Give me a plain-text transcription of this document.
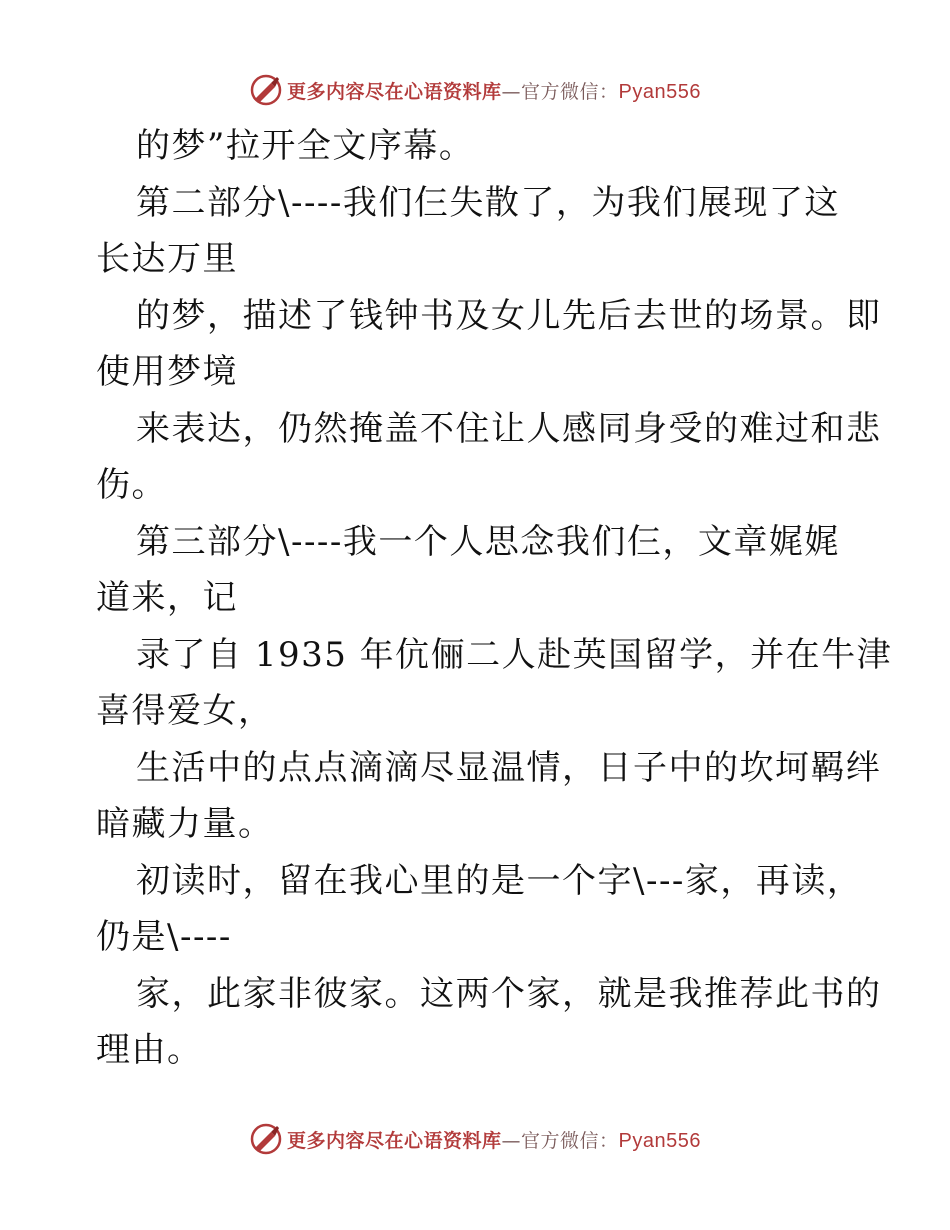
更多内容尽在心语资料库—官方微信：Pyan556
的梦”拉开全文序幕。
第二部分\----我们仨失散了，为我们展现了这
长达万里
的梦，描述了钱钟书及女儿先后去世的场景。即
使用梦境
来表达，仍然掩盖不住让人感同身受的难过和悲
伤。
第三部分\----我一个人思念我们仨，文章娓娓
道来，记
录了自 1935 年伉俪二人赴英国留学，并在牛津
喜得爱女，
生活中的点点滴滴尽显温情，日子中的坎坷羁绊
暗藏力量。
初读时，留在我心里的是一个字\---家，再读，
仍是\----
家，此家非彼家。这两个家，就是我推荐此书的
理由。
更多内容尽在心语资料库—官方微信：Pyan556
